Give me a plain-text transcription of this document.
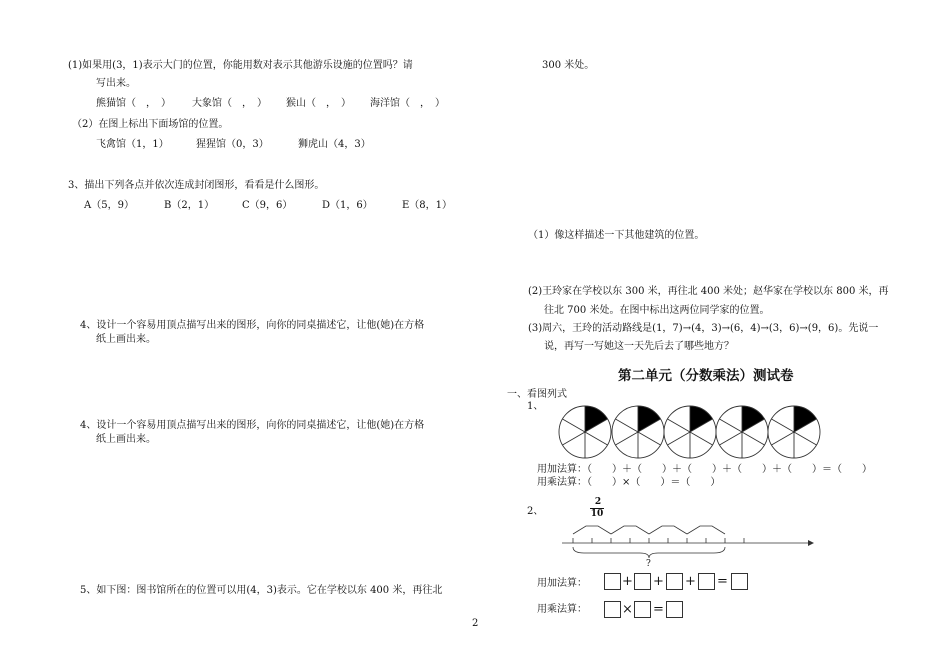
(1)如果用(3，1)表示大门的位置，你能用数对表示其他游乐设施的位置吗？请
写出来。
熊猫馆（　，　） 大象馆（　，　） 猴山（　，　） 海洋馆（　，　）
（2）在图上标出下面场馆的位置。
飞禽馆（1，1）	猩猩馆（0，3）	狮虎山（4，3）
3、描出下列各点并依次连成封闭图形，看看是什么图形。
A（5，9）	B（2，1）	C（9，6）	D（1，6）	E（8，1）
4、设计一个容易用顶点描写出来的图形，向你的同桌描述它，让他(她)在方格
纸上画出来。
4、设计一个容易用顶点描写出来的图形，向你的同桌描述它，让他(她)在方格
纸上画出来。
5、如下图：图书馆所在的位置可以用(4，3)表示。它在学校以东 400 米，再往北
300 米处。
（1）像这样描述一下其他建筑的位置。
(2)王玲家在学校以东 300 米，再往北 400 米处；赵华家在学校以东 800 米，再
往北 700 米处。在图中标出这两位同学家的位置。
(3)周六，王玲的活动路线是(1，7)→(4，3)→(6，4)→(3，6)→(9，6)。先说一
说，再写一写她这一天先后去了哪些地方？
第二单元（分数乘法）测试卷
一、看图列式
1、
用加法算：（　　）＋（　　）＋（　　）＋（　　）＋（　　）＝（　　）
用乘法算：（　　）×（　　）＝（　　）
2、
2
10
?
用加法算：	+ + + =
用乘法算：	× =
2
